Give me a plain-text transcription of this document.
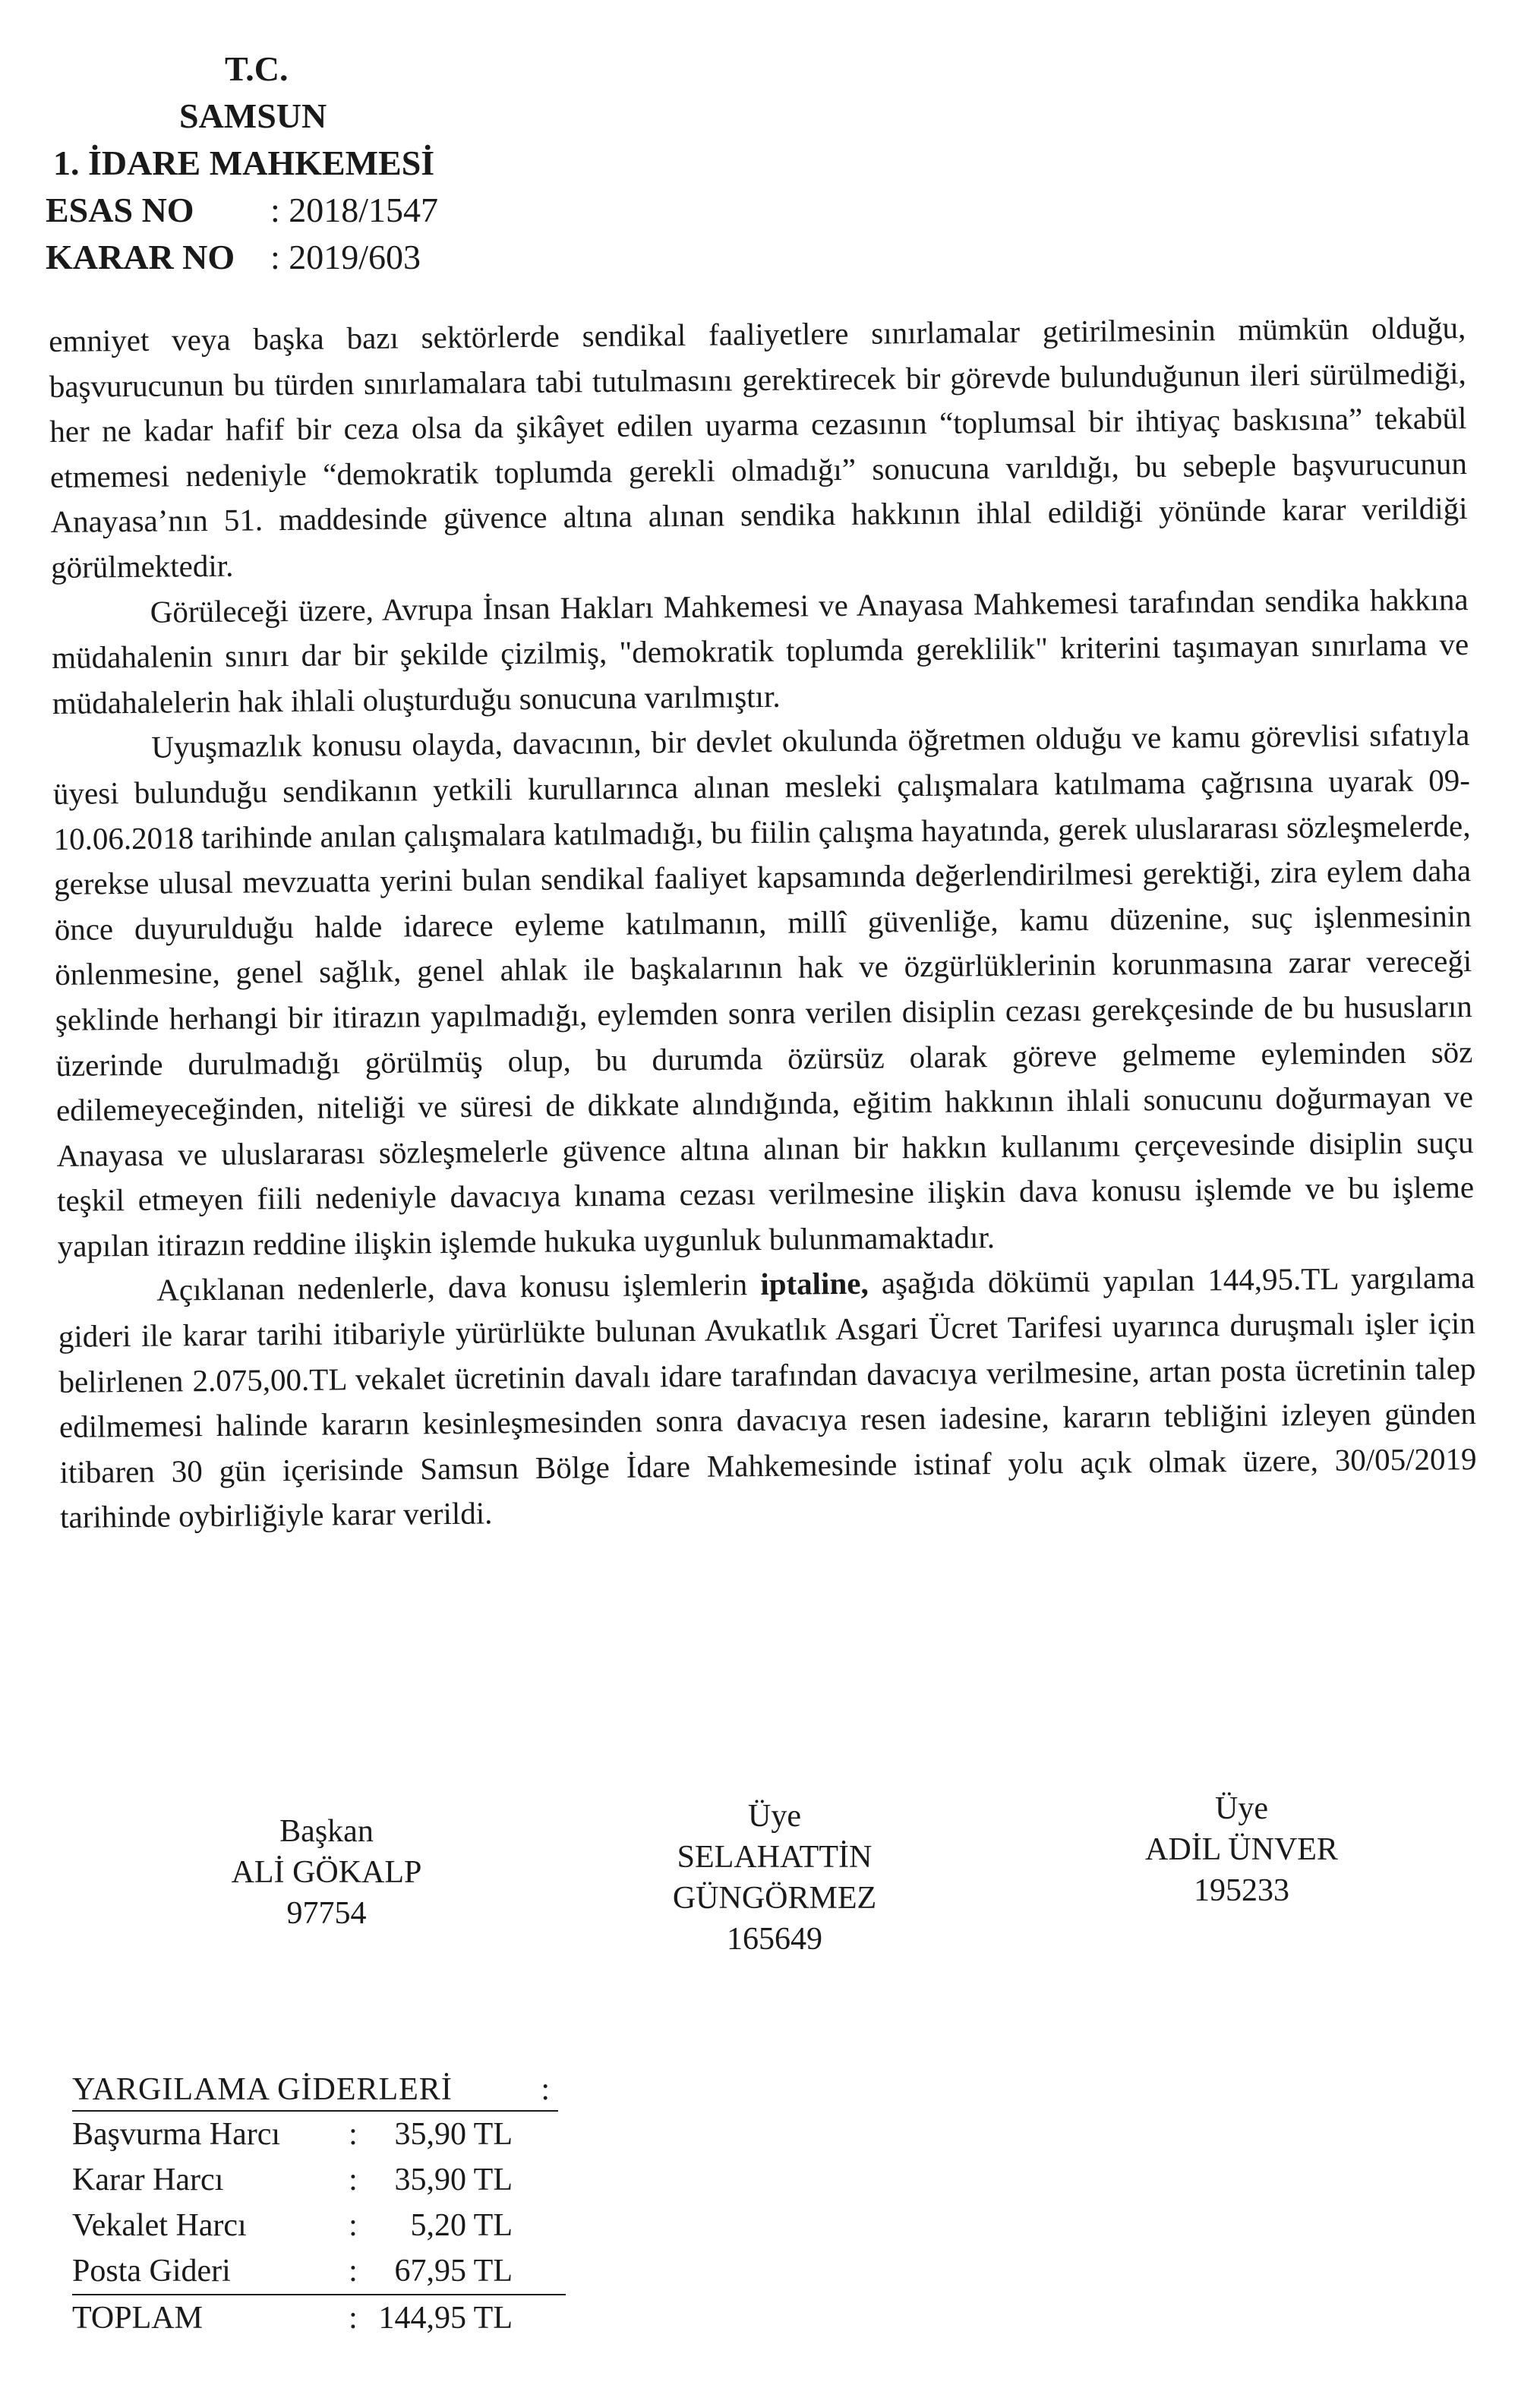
T.C.
SAMSUN
1. İDARE MAHKEMESİ
ESAS NO	: 2018/1547
KARAR NO	: 2019/603

emniyet veya başka bazı sektörlerde sendikal faaliyetlere sınırlamalar getirilmesinin mümkün olduğu, başvurucunun bu türden sınırlamalara tabi tutulmasını gerektirecek bir görevde bulunduğunun ileri sürülmediği, her ne kadar hafif bir ceza olsa da şikâyet edilen uyarma cezasının “toplumsal bir ihtiyaç baskısına” tekabül etmemesi nedeniyle “demokratik toplumda gerekli olmadığı” sonucuna varıldığı, bu sebeple başvurucunun Anayasa’nın 51. maddesinde güvence altına alınan sendika hakkının ihlal edildiği yönünde karar verildiği görülmektedir.

Görüleceği üzere, Avrupa İnsan Hakları Mahkemesi ve Anayasa Mahkemesi tarafından sendika hakkına müdahalenin sınırı dar bir şekilde çizilmiş, "demokratik toplumda gereklilik" kriterini taşımayan sınırlama ve müdahalelerin hak ihlali oluşturduğu sonucuna varılmıştır.

Uyuşmazlık konusu olayda, davacının, bir devlet okulunda öğretmen olduğu ve kamu görevlisi sıfatıyla üyesi bulunduğu sendikanın yetkili kurullarınca alınan mesleki çalışmalara katılmama çağrısına uyarak 09-10.06.2018 tarihinde anılan çalışmalara katılmadığı, bu fiilin çalışma hayatında, gerek uluslararası sözleşmelerde, gerekse ulusal mevzuatta yerini bulan sendikal faaliyet kapsamında değerlendirilmesi gerektiği, zira eylem daha önce duyurulduğu halde idarece eyleme katılmanın, millî güvenliğe, kamu düzenine, suç işlenmesinin önlenmesine, genel sağlık, genel ahlak ile başkalarının hak ve özgürlüklerinin korunmasına zarar vereceği şeklinde herhangi bir itirazın yapılmadığı, eylemden sonra verilen disiplin cezası gerekçesinde de bu hususların üzerinde durulmadığı görülmüş olup, bu durumda özürsüz olarak göreve gelmeme eyleminden söz edilemeyeceğinden, niteliği ve süresi de dikkate alındığında, eğitim hakkının ihlali sonucunu doğurmayan ve Anayasa ve uluslararası sözleşmelerle güvence altına alınan bir hakkın kullanımı çerçevesinde disiplin suçu teşkil etmeyen fiili nedeniyle davacıya kınama cezası verilmesine ilişkin dava konusu işlemde ve bu işleme yapılan itirazın reddine ilişkin işlemde hukuka uygunluk bulunmamaktadır.

Açıklanan nedenlerle, dava konusu işlemlerin iptaline, aşağıda dökümü yapılan 144,95.TL yargılama gideri ile karar tarihi itibariyle yürürlükte bulunan Avukatlık Asgari Ücret Tarifesi uyarınca duruşmalı işler için belirlenen 2.075,00.TL vekalet ücretinin davalı idare tarafından davacıya verilmesine, artan posta ücretinin talep edilmemesi halinde kararın kesinleşmesinden sonra davacıya resen iadesine, kararın tebliğini izleyen günden itibaren 30 gün içerisinde Samsun Bölge İdare Mahkemesinde istinaf yolu açık olmak üzere, 30/05/2019 tarihinde oybirliğiyle karar verildi.

Başkan
ALİ GÖKALP
97754
Üye
SELAHATTİN
GÜNGÖRMEZ
165649
Üye
ADİL ÜNVER
195233
YARGILAMA GİDERLERİ	:
Başvurma Harcı	:	35,90 TL
Karar Harcı	:	35,90 TL
Vekalet Harcı	:	5,20 TL
Posta Gideri	:	67,95 TL
TOPLAM	: 144,95 TL
